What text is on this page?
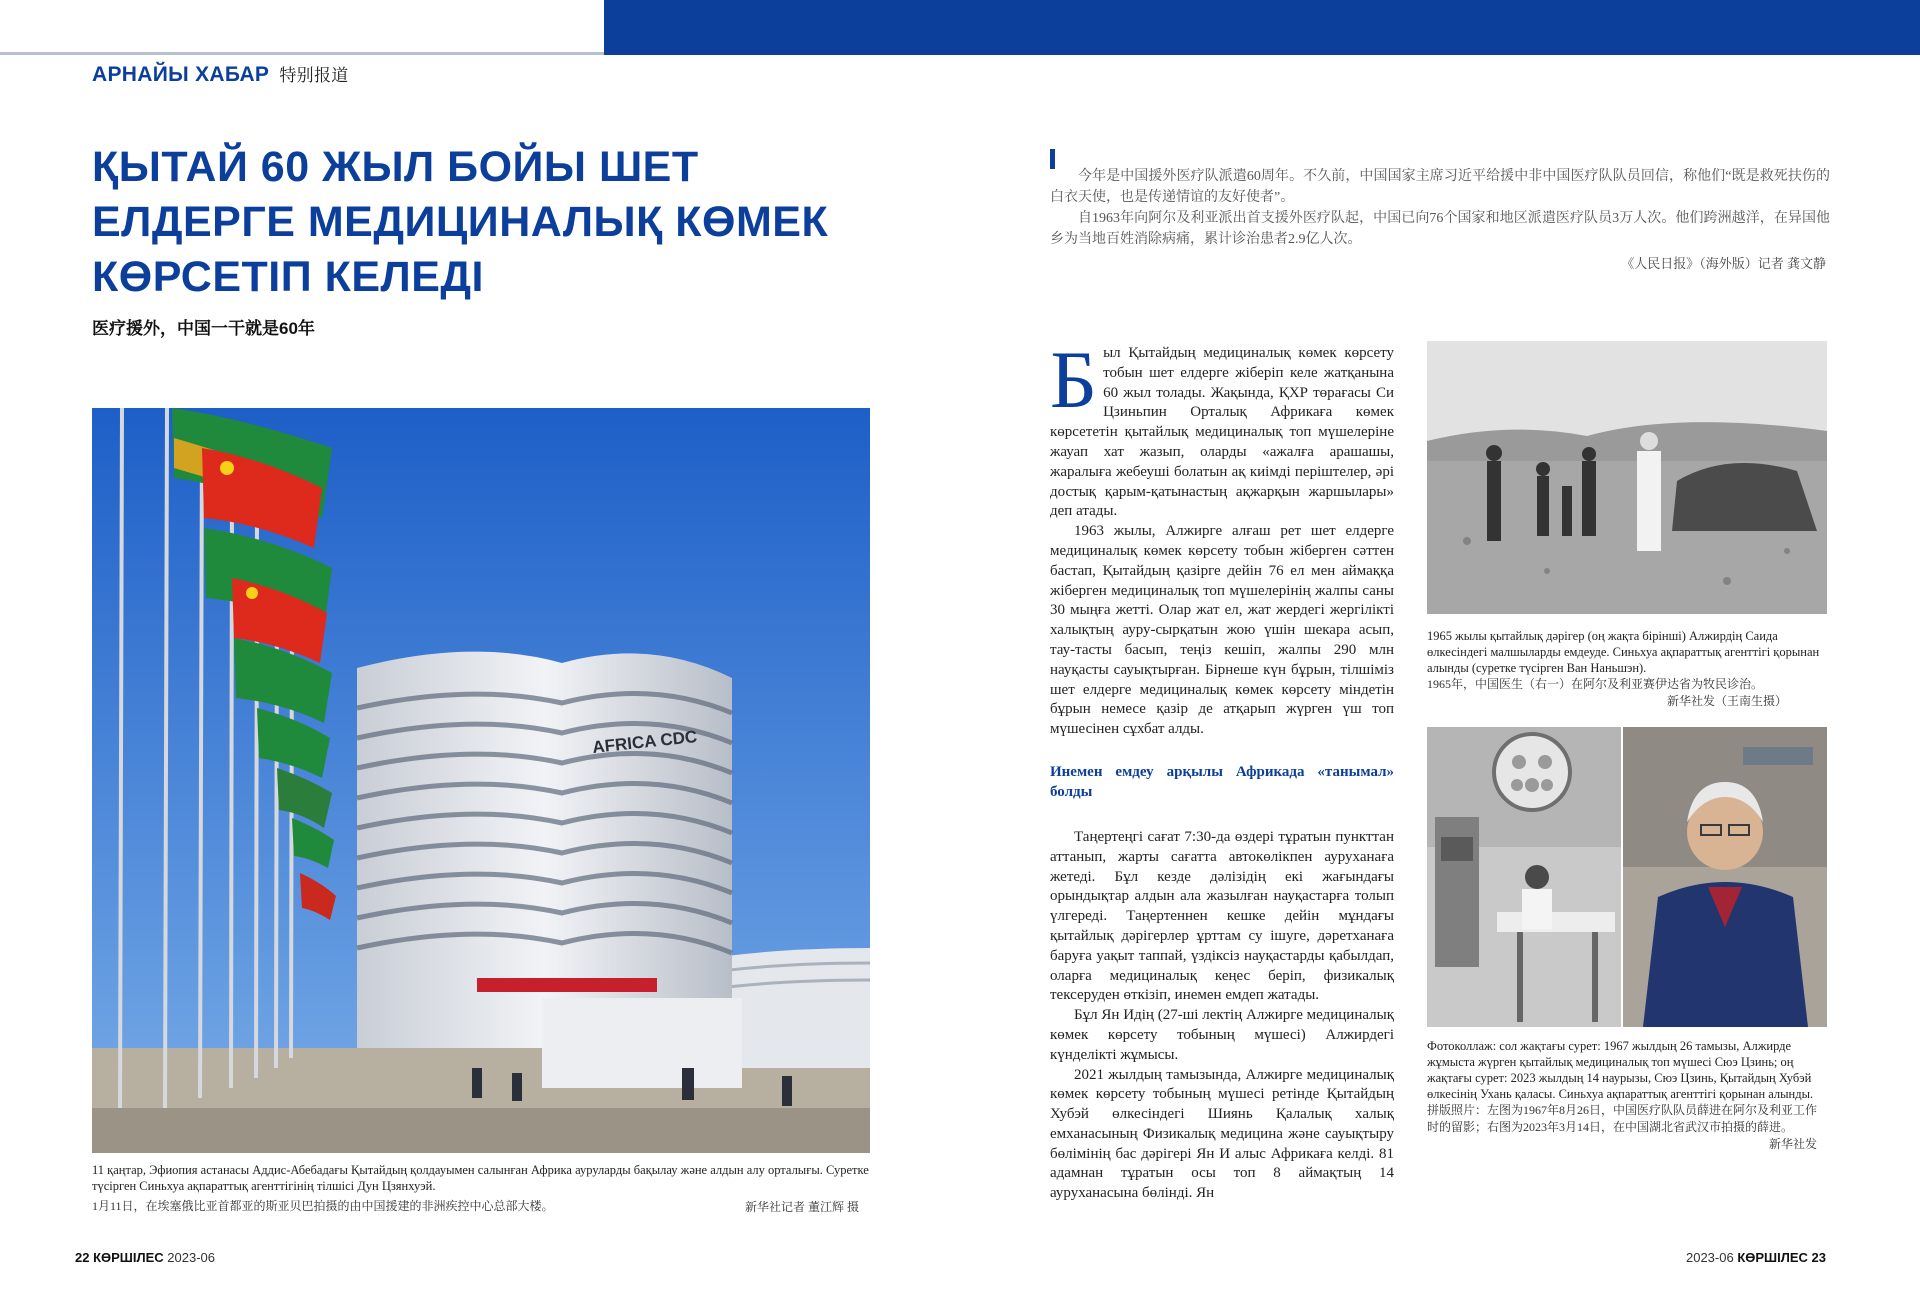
АРНАЙЫ ХАБАР 特别报道
ҚЫТАЙ 60 ЖЫЛ БОЙЫ ШЕТ ЕЛДЕРГЕ МЕДИЦИНАЛЫҚ КӨМЕК КӨРСЕТІП КЕЛЕДІ
医疗援外，中国一干就是60年
AFRICA CDC
11 қаңтар, Эфиопия астанасы Аддис-Абебадағы Қытайдың қолдауымен салынған Африка ауруларды бақылау және алдын алу орталығы. Суретке түсірген Синьхуа ақпараттық агенттігінің тілшісі Дун Цзянхуэй.
1月11日，在埃塞俄比亚首都亚的斯亚贝巴拍摄的由中国援建的非洲疾控中心总部大楼。	新华社记者 董江辉 摄

今年是中国援外医疗队派遣60周年。不久前，中国国家主席习近平给援中非中国医疗队队员回信，称他们“既是救死扶伤的白衣天使，也是传递情谊的友好使者”。

自1963年向阿尔及利亚派出首支援外医疗队起，中国已向76个国家和地区派遣医疗队员3万人次。他们跨洲越洋，在异国他乡为当地百姓消除病痛，累计诊治患者2.9亿人次。

《人民日报》（海外版）记者 龚文静

Был Қытайдың медициналық көмек көрсету тобын шет елдерге жіберіп келе жатқанына 60 жыл толады. Жақында, ҚХР төрағасы Си Цзиньпин Орталық Африкаға көмек көрсететін қытайлық медициналық топ мүшелеріне жауап хат жазып, оларды «ажалға арашашы, жаралыға жебеуші болатын ақ киімді періштелер, әрі достық қарым-қатынастың ақжарқын жаршылары» деп атады.

1963 жылы, Алжирге алғаш рет шет елдерге медициналық көмек көрсету тобын жіберген сәттен бастап, Қытайдың қазірге дейін 76 ел мен аймаққа жіберген медициналық топ мүшелерінің жалпы саны 30 мыңға жетті. Олар жат ел, жат жердегі жергілікті халықтың ауру-сырқатын жою үшін шекара асып, тау-тасты басып, теңіз кешіп, жалпы 290 млн науқасты сауықтырған. Бірнеше күн бұрын, тілшіміз шет елдерге медициналық көмек көрсету міндетін бұрын немесе қазір де атқарып жүрген үш топ мүшесінен сұхбат алды.

Инемен емдеу арқылы Африкада «танымал» болды

Таңертеңгі сағат 7:30-да өздері тұратын пункттан аттанып, жарты сағатта автокөлікпен ауруханаға жетеді. Бұл кезде дәлізідің екі жағындағы орындықтар алдын ала жазылған науқастарға толып үлгереді. Таңертеннен кешке дейін мұндағы қытайлық дәрігерлер ұрттам су ішуге, дәретханаға баруға уақыт таппай, үздіксіз науқастарды қабылдап, оларға медициналық кеңес беріп, физикалық тексеруден өткізіп, инемен емдеп жатады.

Бұл Ян Идің (27-ші лектің Алжирге медициналық көмек көрсету тобының мүшесі) Алжирдегі күнделікті жұмысы.

2021 жылдың тамызында, Алжирге медициналық көмек көрсету тобының мүшесі ретінде Қытайдың Хубэй өлкесіндегі Шиянь Қалалық халық емханасының Физикалық медицина және сауықтыру бөлімінің бас дәрігері Ян И алыс Африкаға келді. 81 адамнан тұратын осы топ 8 аймақтың 14 ауруханасына бөлінді. Ян

1965 жылы қытайлық дәрігер (оң жақта біріншi) Алжирдің Саида өлкесіндегі малшыларды емдеуде. Синьхуа ақпараттық агенттігі қорынан алынды (суретке түсірген Ван Наньшэн).
1965年，中国医生（右一）在阿尔及利亚赛伊达省为牧民诊治。
新华社发（王南生摄）
Фотоколлаж: сол жақтағы сурет: 1967 жылдың 26 тамызы, Алжирде жұмыста жүрген қытайлық медициналық топ мүшесі Сюэ Цзинь; оң жақтағы сурет: 2023 жылдың 14 наурызы, Сюэ Цзинь, Қытайдың Хубэй өлкесінің Ухань қаласы. Синьхуа ақпараттық агенттігі қорынан алынды.
拼版照片：左图为1967年8月26日，中国医疗队队员薛进在阿尔及利亚工作时的留影；右图为2023年3月14日，在中国湖北省武汉市拍摄的薛进。
新华社发
22 КӨРШІЛЕС 2023-06	2023-06 КӨРШІЛЕС 23
